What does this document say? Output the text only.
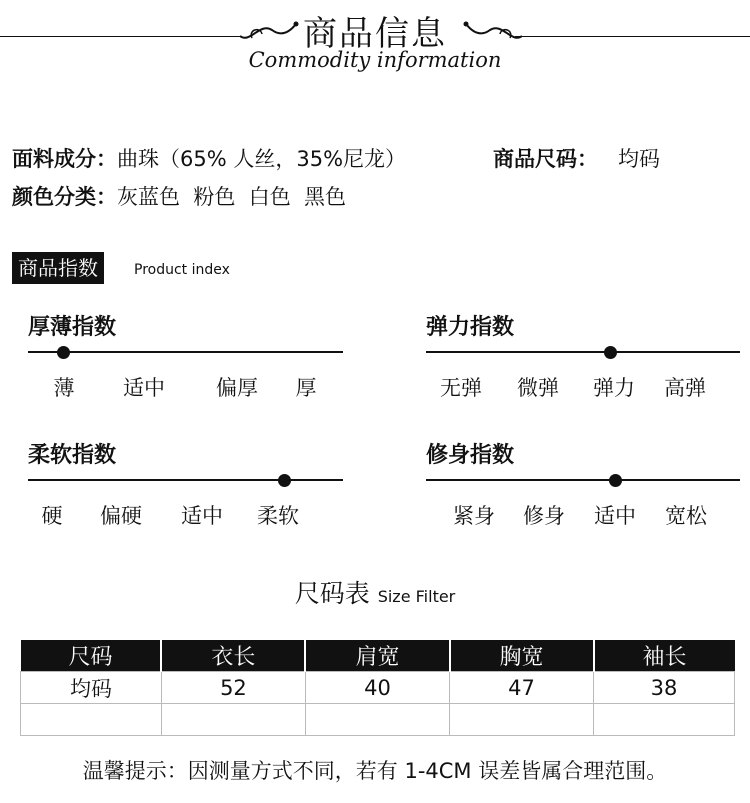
商品信息
Commodity information
面料成分：曲珠（65% 人丝，35%尼龙）	商品尺码： 均码
颜色分类：灰蓝色  粉色  白色  黑色
商品指数	Product index
厚薄指数
薄 适中 偏厚 厚
弹力指数
无弹 微弹 弹力 高弹
柔软指数
硬 偏硬 适中 柔软
修身指数
紧身 修身 适中 宽松
尺码表 Size Filter
尺码	衣长	肩宽	胸宽	袖长
均码	52	40	47	38

温馨提示：因测量方式不同，若有 1-4CM 误差皆属合理范围。
